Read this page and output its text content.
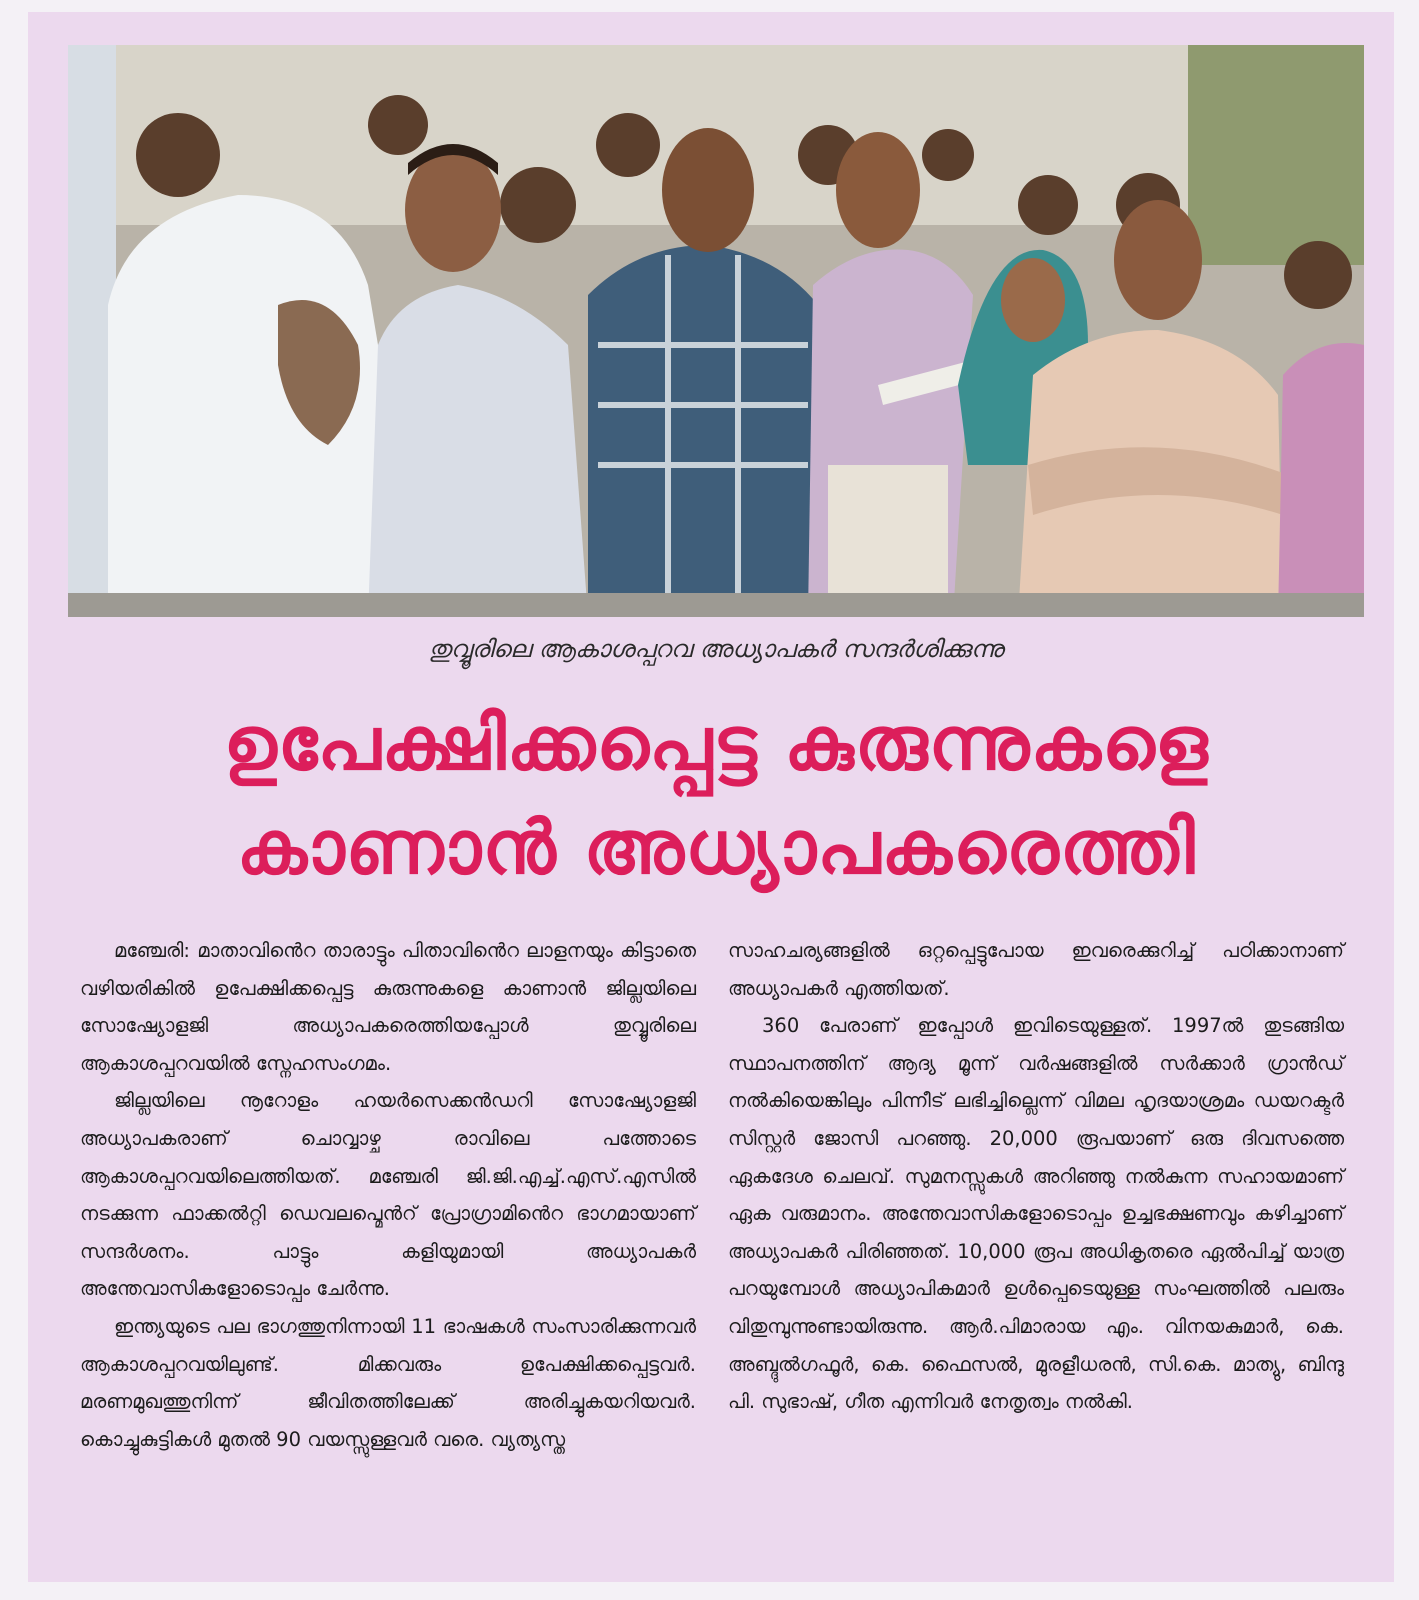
തുവ്വൂരിലെ ആകാശപ്പറവ അധ്യാപകർ സന്ദർശിക്കുന്നു
ഉപേക്ഷിക്കപ്പെട്ട കുരുന്നുകളെ
കാണാൻ അധ്യാപകരെത്തി

മഞ്ചേരി: മാതാവിൻെറ താരാട്ടും പിതാവിൻെറ ലാളനയും കിട്ടാതെ വഴിയരികിൽ ഉപേക്ഷിക്കപ്പെട്ട കുരുന്നുകളെ കാണാൻ ജില്ലയിലെ സോഷ്യോളജി അധ്യാപകരെത്തിയപ്പോൾ തുവ്വൂരിലെ ആകാശപ്പറവയിൽ സ്നേഹസംഗമം.

ജില്ലയിലെ നൂറോളം ഹയർസെക്കൻഡറി സോഷ്യോളജി അധ്യാപകരാണ് ചൊവ്വാഴ്ച രാവിലെ പത്തോടെ ആകാശപ്പറവയിലെത്തിയത്. മഞ്ചേരി ജി.ജി.എച്ച്.എസ്.എസിൽ നടക്കുന്ന ഫാക്കൽറ്റി ഡെവലപ്മെൻറ് പ്രോഗ്രാമിൻെറ ഭാഗമായാണ് സന്ദർശനം. പാട്ടും കളിയുമായി അധ്യാപകർ അന്തേവാസികളോടൊപ്പം ചേർന്നു.

ഇന്ത്യയുടെ പല ഭാഗത്തുനിന്നായി 11 ഭാഷകൾ സംസാരിക്കുന്നവർ ആകാശപ്പറവയിലുണ്ട്. മിക്കവരും ഉപേക്ഷിക്കപ്പെട്ടവർ. മരണമുഖത്തുനിന്ന് ജീവിതത്തിലേക്ക് അരിച്ചുകയറിയവർ. കൊച്ചുകുട്ടികൾ മുതൽ 90 വയസ്സുള്ളവർ വരെ. വ്യത്യസ്ത

സാഹചര്യങ്ങളിൽ ഒറ്റപ്പെട്ടുപോയ ഇവരെക്കുറിച്ച് പഠിക്കാനാണ് അധ്യാപകർ എത്തിയത്.

360 പേരാണ് ഇപ്പോൾ ഇവിടെയുള്ളത്. 1997ൽ തുടങ്ങിയ സ്ഥാപനത്തിന് ആദ്യ മൂന്ന് വർഷങ്ങളിൽ സർക്കാർ ഗ്രാൻഡ് നൽകിയെങ്കിലും പിന്നീട് ലഭിച്ചില്ലെന്ന് വിമല ഹൃദയാശ്രമം ഡയറക്ടർ സിസ്റ്റർ ജോസി പറഞ്ഞു. 20,000 രൂപയാണ് ഒരു ദിവസത്തെ ഏകദേശ ചെലവ്. സുമനസ്സുകൾ അറിഞ്ഞു നൽകുന്ന സഹായമാണ് ഏക വരുമാനം. അന്തേവാസികളോടൊപ്പം ഉച്ചഭക്ഷണവും കഴിച്ചാണ് അധ്യാപകർ പിരിഞ്ഞത്. 10,000 രൂപ അധികൃതരെ ഏൽപിച്ച് യാത്ര പറയുമ്പോൾ അധ്യാപികമാർ ഉൾപ്പെടെയുള്ള സംഘത്തിൽ പലരും വിതുമ്പുന്നുണ്ടായിരുന്നു. ആർ.പിമാരായ എം. വിനയകുമാർ, കെ. അബ്ദുൽഗഫൂർ, കെ. ഫൈസൽ, മുരളീധരൻ, സി.കെ. മാത്യു, ബിന്ദു പി. സുഭാഷ്, ഗീത എന്നിവർ നേതൃത്വം നൽകി.
